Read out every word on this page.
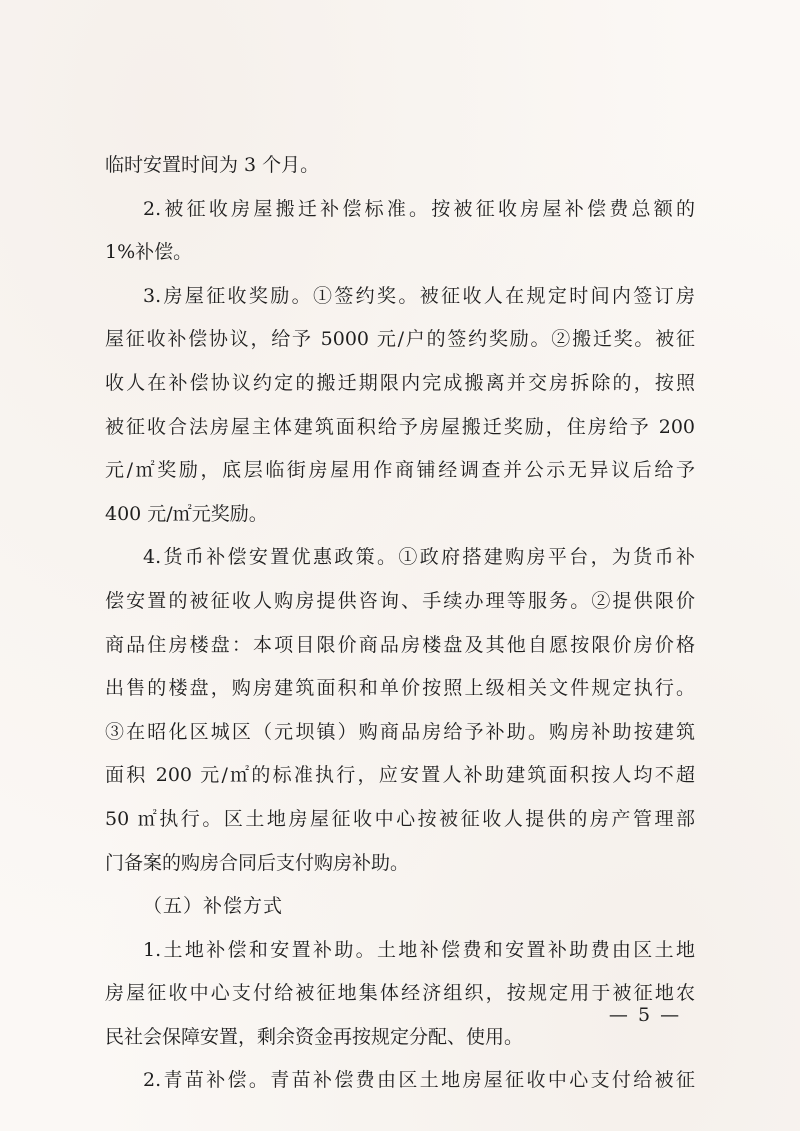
临时安置时间为 3 个月。
2.被征收房屋搬迁补偿标准。按被征收房屋补偿费总额的
1%补偿。
3.房屋征收奖励。①签约奖。被征收人在规定时间内签订房
屋征收补偿协议，给予 5000 元/户的签约奖励。②搬迁奖。被征
收人在补偿协议约定的搬迁期限内完成搬离并交房拆除的，按照
被征收合法房屋主体建筑面积给予房屋搬迁奖励，住房给予 200
元/㎡奖励，底层临街房屋用作商铺经调查并公示无异议后给予
400 元/㎡元奖励。
4.货币补偿安置优惠政策。①政府搭建购房平台，为货币补
偿安置的被征收人购房提供咨询、手续办理等服务。②提供限价
商品住房楼盘：本项目限价商品房楼盘及其他自愿按限价房价格
出售的楼盘，购房建筑面积和单价按照上级相关文件规定执行。
③在昭化区城区（元坝镇）购商品房给予补助。购房补助按建筑
面积 200 元/㎡的标准执行，应安置人补助建筑面积按人均不超
50 ㎡执行。区土地房屋征收中心按被征收人提供的房产管理部
门备案的购房合同后支付购房补助。
（五）补偿方式
1.土地补偿和安置补助。土地补偿费和安置补助费由区土地
房屋征收中心支付给被征地集体经济组织，按规定用于被征地农
民社会保障安置，剩余资金再按规定分配、使用。
2.青苗补偿。青苗补偿费由区土地房屋征收中心支付给被征
— 5 —
